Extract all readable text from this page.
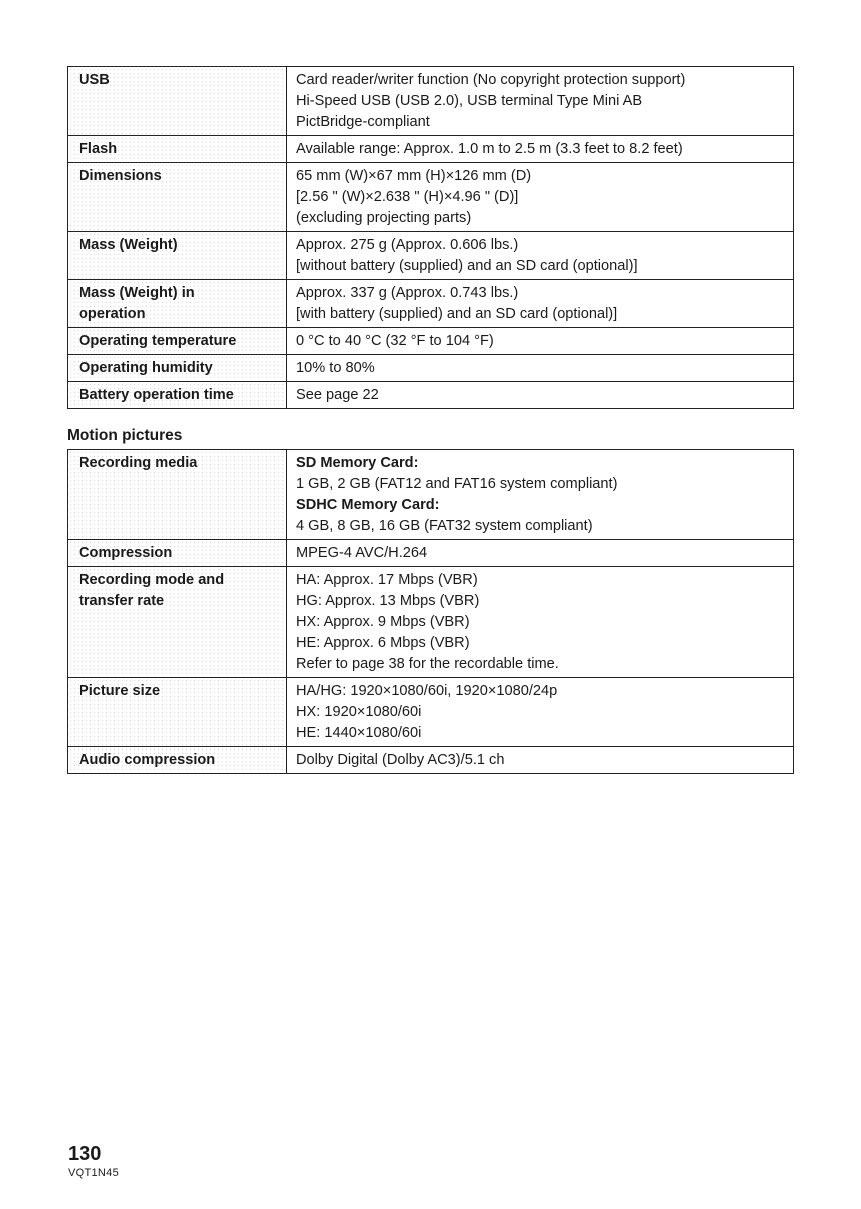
USB	Card reader/writer function (No copyright protection support)
Hi-Speed USB (USB 2.0), USB terminal Type Mini AB
PictBridge-compliant

Flash	Available range: Approx. 1.0 m to 2.5 m (3.3 feet to 8.2 feet)

Dimensions	65 mm (W)×67 mm (H)×126 mm (D)
[2.56 " (W)×2.638 " (H)×4.96 " (D)]
(excluding projecting parts)

Mass (Weight)	Approx. 275 g (Approx. 0.606 lbs.)
[without battery (supplied) and an SD card (optional)]

Mass (Weight) in
operation	Approx. 337 g (Approx. 0.743 lbs.)
[with battery (supplied) and an SD card (optional)]

Operating temperature	0 °C to 40 °C (32 °F to 104 °F)

Operating humidity	10% to 80%

Battery operation time	See page 22
Motion pictures
Recording media	SD Memory Card:
1 GB, 2 GB (FAT12 and FAT16 system compliant)
SDHC Memory Card:
4 GB, 8 GB, 16 GB (FAT32 system compliant)

Compression	MPEG-4 AVC/H.264

Recording mode and
transfer rate	HA: Approx. 17 Mbps (VBR)
HG: Approx. 13 Mbps (VBR)
HX: Approx. 9 Mbps (VBR)
HE: Approx. 6 Mbps (VBR)
Refer to page 38 for the recordable time.

Picture size	HA/HG: 1920×1080/60i, 1920×1080/24p
HX: 1920×1080/60i
HE: 1440×1080/60i

Audio compression	Dolby Digital (Dolby AC3)/5.1 ch
130
VQT1N45
